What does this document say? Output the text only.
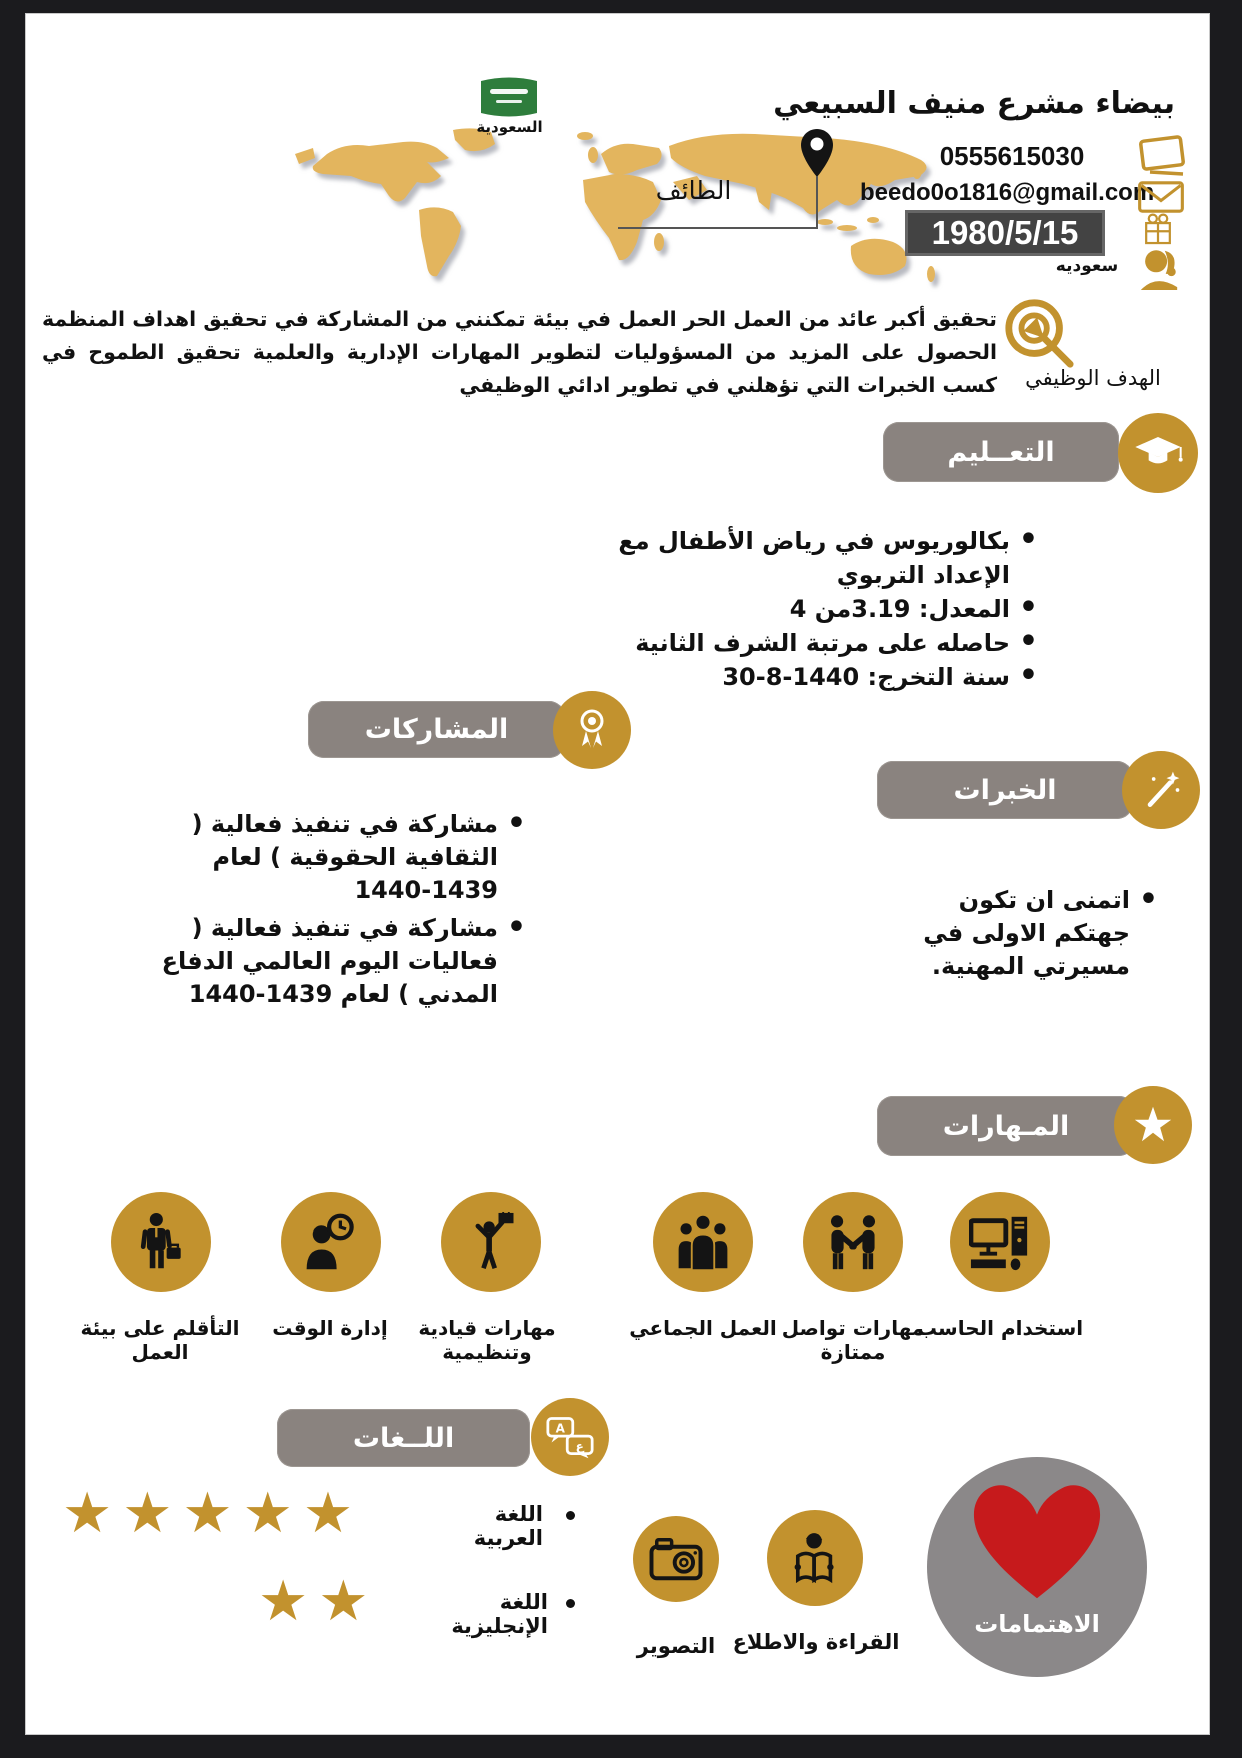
السعودية
الطائف
بيضاء مشرع منيف السبيعي
0555615030
beedo0o1816@gmail.com
1980/5/15
سعوديه
تحقيق أكبر عائد من العمل الحر العمل في بيئة تمكنني من المشاركة في تحقيق اهداف المنظمة الحصول على المزيد من المسؤوليات لتطوير المهارات الإدارية والعلمية تحقيق الطموح في كسب الخبرات التي تؤهلني في تطوير ادائي الوظيفي	الهدف الوظيفي
التعــليم
• بكالوريوس في رياض الأطفال مع الإعداد التربوي
• المعدل: 3.19من 4
• حاصله على مرتبة الشرف الثانية
• سنة التخرج: 1440-8-30
المشاركات
• مشاركة في تنفيذ فعالية ( الثقافية الحقوقية ) لعام 1439-1440
• مشاركة في تنفيذ فعالية ( فعاليات اليوم العالمي الدفاع المدني ) لعام 1439-1440
الخبرات
• اتمنى ان تكون جهتكم الاولى في مسيرتي المهنية.
المـهارات
استخدام الحاسب
مهارات تواصل ممتازة
العمل الجماعي
مهارات قيادية وتنظيمية
إدارة الوقت
التأقلم على بيئة العمل
اللــغات	A
ع
★★★★★	اللغة العربية
★★	اللغة الإنجليزية	الاهتمامات
القراءة والاطلاع
التصوير
